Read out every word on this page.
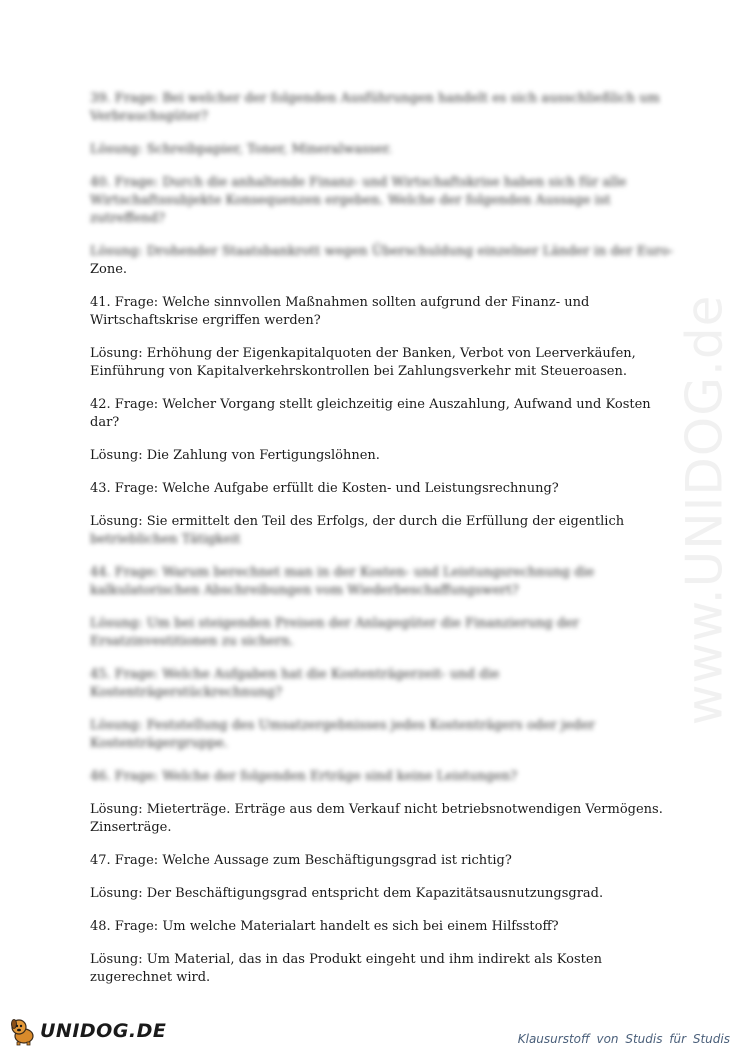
www.UNIDOG.de

39. Frage: Bei welcher der folgenden Ausführungen handelt es sich ausschließlich um Verbrauchsgüter?

Lösung: Schreibpapier, Toner, Mineralwasser.

40. Frage: Durch die anhaltende Finanz- und Wirtschaftskrise haben sich für alle Wirtschaftssubjekte Konsequenzen ergeben. Welche der folgenden Aussage ist zutreffend?

Lösung: Drohender Staatsbankrott wegen Überschuldung einzelner Länder in der Euro-
Zone.

41. Frage: Welche sinnvollen Maßnahmen sollten aufgrund der Finanz- und Wirtschaftskrise ergriffen werden?

Lösung: Erhöhung der Eigenkapitalquoten der Banken, Verbot von Leerverkäufen, Einführung von Kapitalverkehrskontrollen bei Zahlungsverkehr mit Steueroasen.

42. Frage: Welcher Vorgang stellt gleichzeitig eine Auszahlung, Aufwand und Kosten dar?

Lösung: Die Zahlung von Fertigungslöhnen.

43. Frage: Welche Aufgabe erfüllt die Kosten- und Leistungsrechnung?

Lösung: Sie ermittelt den Teil des Erfolgs, der durch die Erfüllung der eigentlich
betrieblichen Tätigkeit

44. Frage: Warum berechnet man in der Kosten- und Leistungsrechnung die kalkulatorischen Abschreibungen vom Wiederbeschaffungswert?

Lösung: Um bei steigenden Preisen der Anlagegüter die Finanzierung der Ersatzinvestitionen zu sichern.

45. Frage: Welche Aufgaben hat die Kostenträgerzeit- und die Kostenträgerstückrechnung?

Lösung: Feststellung des Umsatzergebnisses jedes Kostenträgers oder jeder Kostenträgergruppe.

46. Frage: Welche der folgenden Erträge sind keine Leistungen?

Lösung: Mieterträge. Erträge aus dem Verkauf nicht betriebsnotwendigen Vermögens. Zinserträge.

47. Frage: Welche Aussage zum Beschäftigungsgrad ist richtig?

Lösung: Der Beschäftigungsgrad entspricht dem Kapazitätsausnutzungsgrad.

48. Frage: Um welche Materialart handelt es sich bei einem Hilfsstoff?

Lösung: Um Material, das in das Produkt eingeht und ihm indirekt als Kosten zugerechnet wird.

UNIDOG.DE	Klausurstoff von Studis für Studis
